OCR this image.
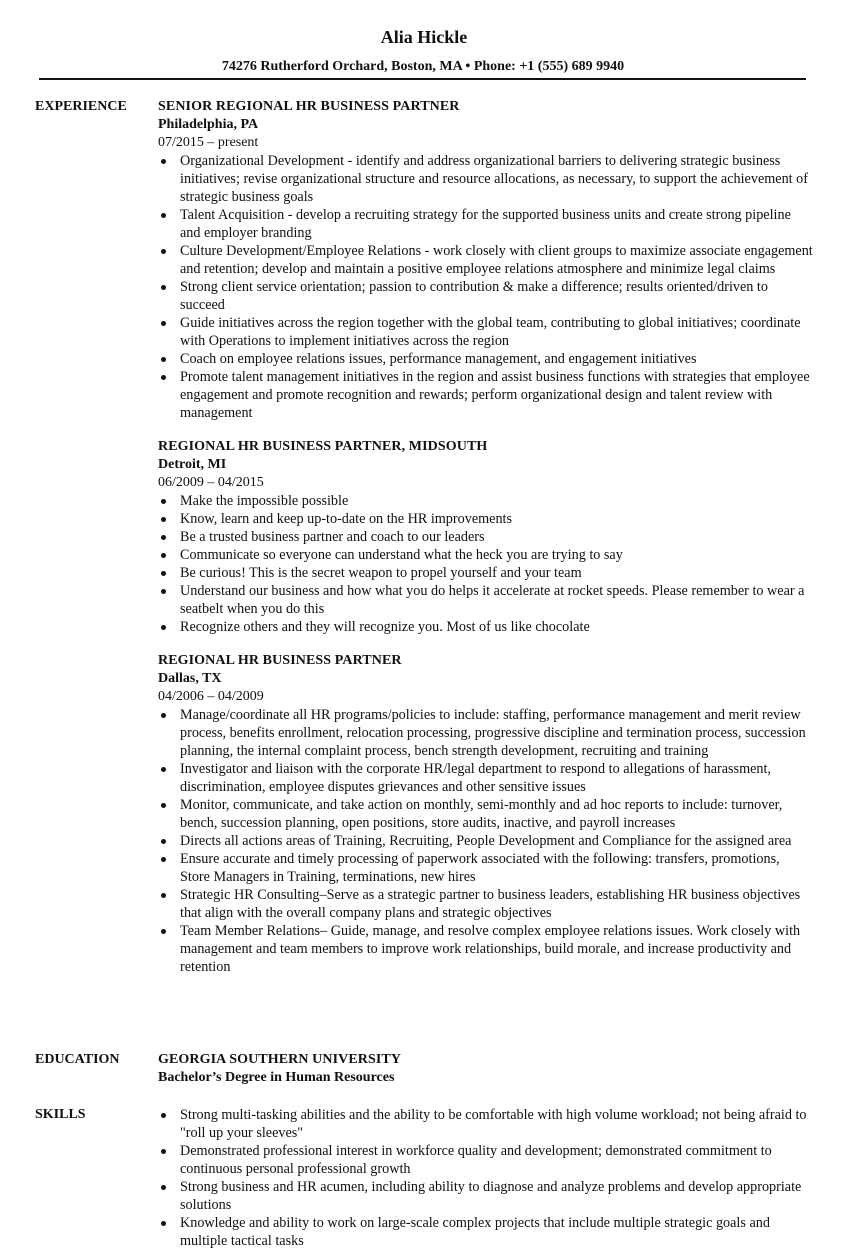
Alia Hickle
74276 Rutherford Orchard, Boston, MA • Phone: +1 (555) 689 9940
EXPERIENCE SENIOR REGIONAL HR BUSINESS PARTNER
Philadelphia, PA
07/2015 – present
Organizational Development - identify and address organizational barriers to delivering strategic business initiatives; revise organizational structure and resource allocations, as necessary, to support the achievement of strategic business goals
Talent Acquisition - develop a recruiting strategy for the supported business units and create strong pipeline and employer branding
Culture Development/Employee Relations - work closely with client groups to maximize associate engagement and retention; develop and maintain a positive employee relations atmosphere and minimize legal claims
Strong client service orientation; passion to contribution & make a difference; results oriented/driven to succeed
Guide initiatives across the region together with the global team, contributing to global initiatives; coordinate with Operations to implement initiatives across the region
Coach on employee relations issues, performance management, and engagement initiatives
Promote talent management initiatives in the region and assist business functions with strategies that employee engagement and promote recognition and rewards; perform organizational design and talent review with management
REGIONAL HR BUSINESS PARTNER, MIDSOUTH
Detroit, MI
06/2009 – 04/2015
Make the impossible possible
Know, learn and keep up-to-date on the HR improvements
Be a trusted business partner and coach to our leaders
Communicate so everyone can understand what the heck you are trying to say
Be curious! This is the secret weapon to propel yourself and your team
Understand our business and how what you do helps it accelerate at rocket speeds. Please remember to wear a seatbelt when you do this
Recognize others and they will recognize you. Most of us like chocolate
REGIONAL HR BUSINESS PARTNER
Dallas, TX
04/2006 – 04/2009
Manage/coordinate all HR programs/policies to include: staffing, performance management and merit review process, benefits enrollment, relocation processing, progressive discipline and termination process, succession planning, the internal complaint process, bench strength development, recruiting and training
Investigator and liaison with the corporate HR/legal department to respond to allegations of harassment, discrimination, employee disputes grievances and other sensitive issues
Monitor, communicate, and take action on monthly, semi-monthly and ad hoc reports to include: turnover, bench, succession planning, open positions, store audits, inactive, and payroll increases
Directs all actions areas of Training, Recruiting, People Development and Compliance for the assigned area
Ensure accurate and timely processing of paperwork associated with the following: transfers, promotions, Store Managers in Training, terminations, new hires
Strategic HR Consulting–Serve as a strategic partner to business leaders, establishing HR business objectives that align with the overall company plans and strategic objectives
Team Member Relations– Guide, manage, and resolve complex employee relations issues. Work closely with management and team members to improve work relationships, build morale, and increase productivity and retention
EDUCATION	GEORGIA SOUTHERN UNIVERSITY
Bachelor’s Degree in Human Resources
SKILLS	Strong multi-tasking abilities and the ability to be comfortable with high volume workload; not being afraid to "roll up your sleeves"
Demonstrated professional interest in workforce quality and development; demonstrated commitment to continuous personal professional growth
Strong business and HR acumen, including ability to diagnose and analyze problems and develop appropriate solutions
Knowledge and ability to work on large-scale complex projects that include multiple strategic goals and multiple tactical tasks
